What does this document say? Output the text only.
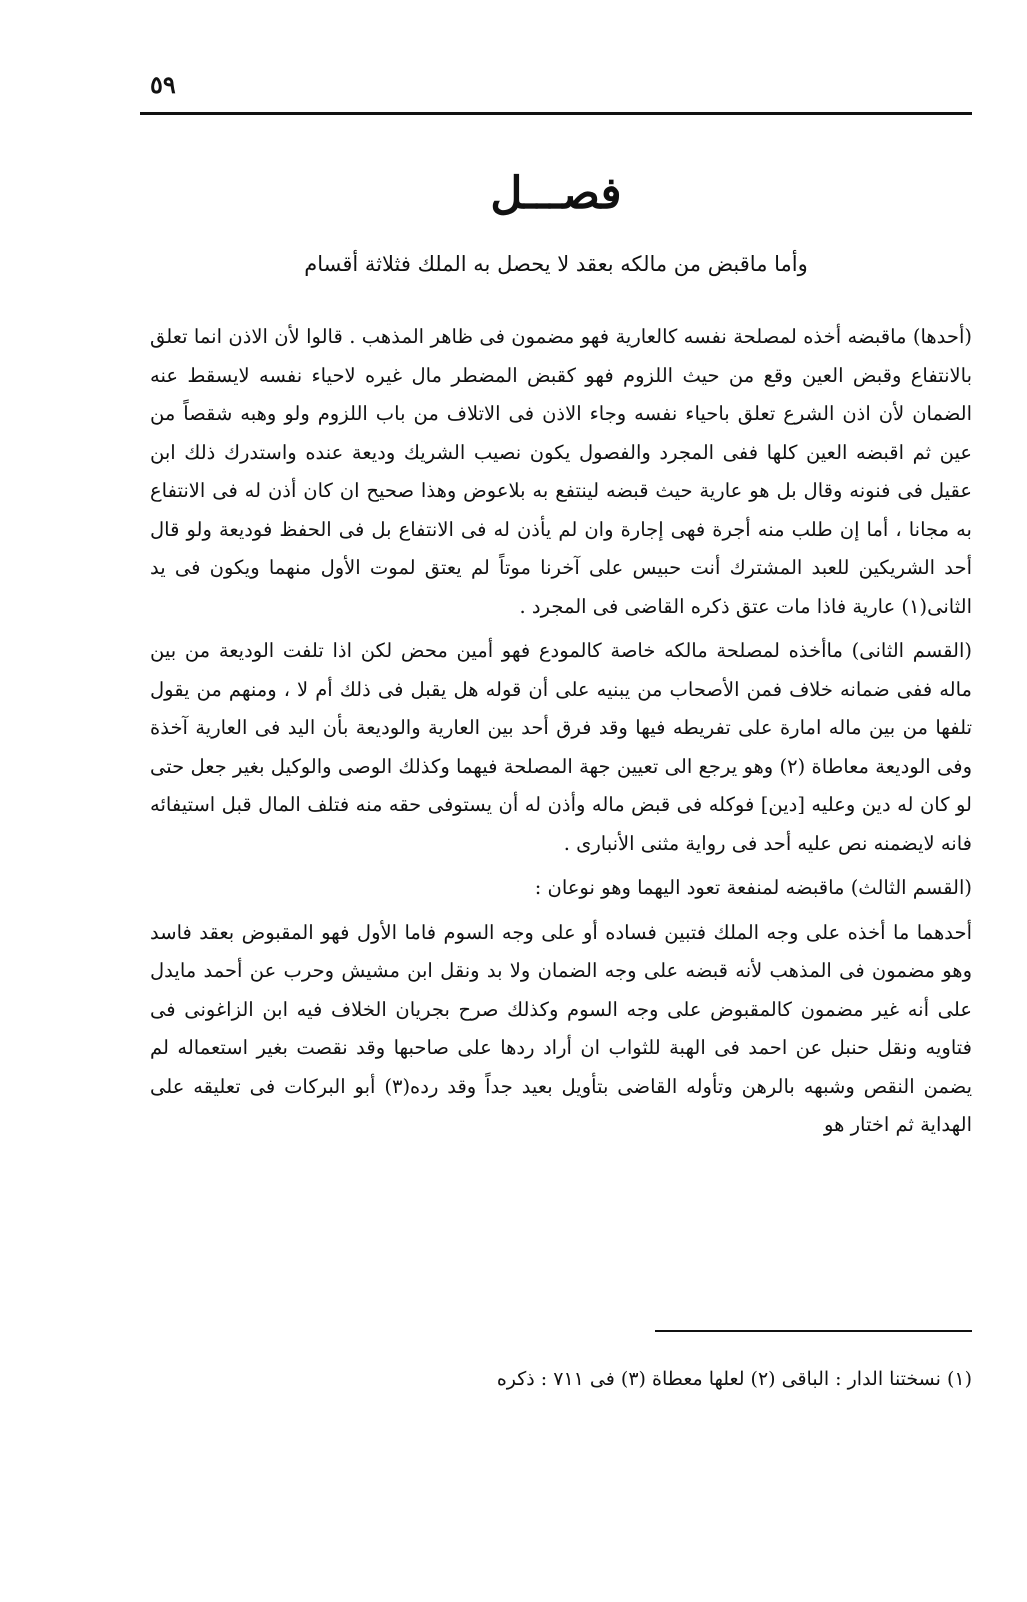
٥٩
فصـــل
وأما ماقبض من مالكه بعقد لا يحصل به الملك فثلاثة أقسام

(أحدها) ماقبضه أخذه لمصلحة نفسه كالعارية فهو مضمون فى ظاهر المذهب . قالوا لأن الاذن انما تعلق بالانتفاع وقبض العين وقع من حيث اللزوم فهو كقبض المضطر مال غيره لاحياء نفسه لايسقط عنه الضمان لأن اذن الشرع تعلق باحياء نفسه وجاء الاذن فى الاتلاف من باب اللزوم ولو وهبه شقصاً من عين ثم اقبضه العين كلها ففى المجرد والفصول يكون نصيب الشريك وديعة عنده واستدرك ذلك ابن عقيل فى فنونه وقال بل هو عارية حيث قبضه لينتفع به بلاعوض وهذا صحيح ان كان أذن له فى الانتفاع به مجانا ، أما إن طلب منه أجرة فهى إجارة وان لم يأذن له فى الانتفاع بل فى الحفظ فوديعة ولو قال أحد الشريكين للعبد المشترك أنت حبيس على آخرنا موتاً لم يعتق لموت الأول منهما ويكون فى يد الثانى(١) عارية فاذا مات عتق ذكره القاضى فى المجرد .

(القسم الثانى) ماأخذه لمصلحة مالكه خاصة كالمودع فهو أمين محض لكن اذا تلفت الوديعة من بين ماله ففى ضمانه خلاف فمن الأصحاب من يبنيه على أن قوله هل يقبل فى ذلك أم لا ، ومنهم من يقول تلفها من بين ماله امارة على تفريطه فيها وقد فرق أحد بين العارية والوديعة بأن اليد فى العارية آخذة وفى الوديعة معاطاة (٢) وهو يرجع الى تعيين جهة المصلحة فيهما وكذلك الوصى والوكيل بغير جعل حتى لو كان له دين وعليه [دين] فوكله فى قبض ماله وأذن له أن يستوفى حقه منه فتلف المال قبل استيفائه فانه لايضمنه نص عليه أحد فى رواية مثنى الأنبارى .

(القسم الثالث) ماقبضه لمنفعة تعود اليهما وهو نوعان :

أحدهما ما أخذه على وجه الملك فتبين فساده أو على وجه السوم فاما الأول فهو المقبوض بعقد فاسد وهو مضمون فى المذهب لأنه قبضه على وجه الضمان ولا بد ونقل ابن مشيش وحرب عن أحمد مايدل على أنه غير مضمون كالمقبوض على وجه السوم وكذلك صرح بجريان الخلاف فيه ابن الزاغونى فى فتاويه ونقل حنبل عن احمد فى الهبة للثواب ان أراد ردها على صاحبها وقد نقصت بغير استعماله لم يضمن النقص وشبهه بالرهن وتأوله القاضى بتأويل بعيد جداً وقد رده(٣) أبو البركات فى تعليقه على الهداية ثم اختار هو

(١) نسختنا الدار : الباقى (٢) لعلها معطاة (٣) فى ٧١١ : ذكره
